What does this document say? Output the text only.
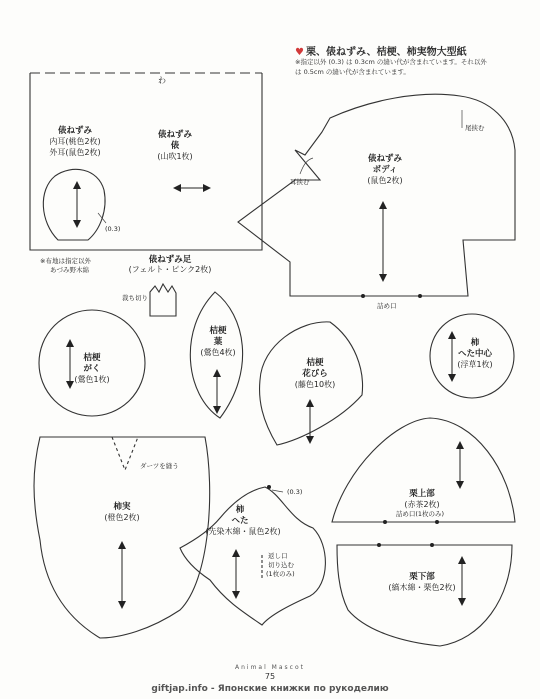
♥ 栗、俵ねずみ、桔梗、柿実物大型紙
※指定以外 (0.3) は 0.3cm の縫い代が含まれています。それ以外
は 0.5cm の縫い代が含まれています。
わ
俵ねずみ
内耳(桃色2枚)
外耳(鼠色2枚)
(0.3)
俵ねずみ
俵
(山吹1枚)
※布地は指定以外
あづみ野木綿
俵ねずみ足
(フェルト・ピンク2枚)
裁ち切り
俵ねずみ
ボディ
(鼠色2枚)
尾挟む
耳挟む
詰め口
桔梗
がく
(鶯色1枚)
桔梗
葉
(鶯色4枚)
桔梗
花びら
(藤色10枚)
柿
へた中心
(浮草1枚)
柿実
(橙色2枚)
ダーツを縫う
柿
へた
(先染木綿・鼠色2枚)
(0.3)
返し口
切り込む
(1枚のみ)
栗上部
(赤茶2枚)
詰め口(1枚のみ)
栗下部
(縞木綿・栗色2枚)
Animal Mascot
75
giftjap.info - Японские книжки по рукоделию
